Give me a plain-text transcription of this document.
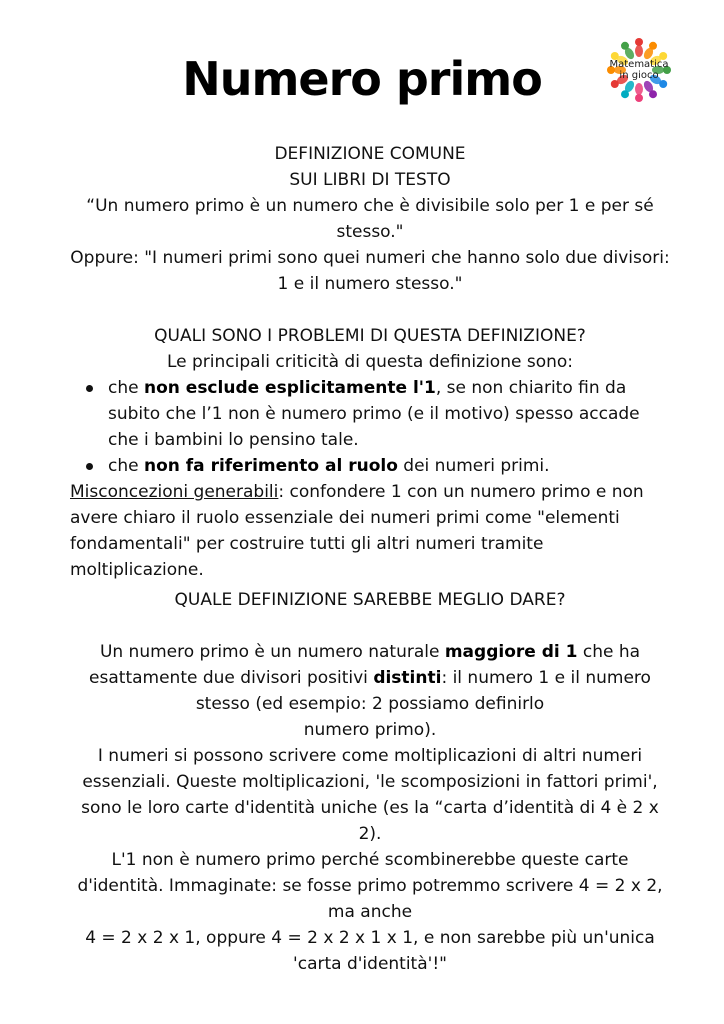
Numero primo	Matematica
in gioco

DEFINIZIONE COMUNE

SUI LIBRI DI TESTO

“Un numero primo è un numero che è divisibile solo per 1 e per sé stesso."

Oppure: "I numeri primi sono quei numeri che hanno solo due divisori: 1 e il numero stesso."

QUALI SONO I PROBLEMI DI QUESTA DEFINIZIONE?

Le principali criticità di questa definizione sono:

che non esclude esplicitamente l'1, se non chiarito fin da subito che l’1 non è numero primo (e il motivo) spesso accade che i bambini lo pensino tale.
che non fa riferimento al ruolo dei numeri primi.

Misconcezioni generabili: confondere 1 con un numero primo e non avere chiaro il ruolo essenziale dei numeri primi come "elementi fondamentali" per costruire tutti gli altri numeri tramite moltiplicazione.

QUALE DEFINIZIONE SAREBBE MEGLIO DARE?

Un numero primo è un numero naturale maggiore di 1 che ha esattamente due divisori positivi distinti: il numero 1 e il numero stesso (ed esempio: 2 possiamo definirlo

numero primo).

I numeri si possono scrivere come moltiplicazioni di altri numeri essenziali. Queste moltiplicazioni, 'le scomposizioni in fattori primi', sono le loro carte d'identità uniche (es la “carta d’identità di 4 è 2 x 2).

L'1 non è numero primo perché scombinerebbe queste carte d'identità. Immaginate: se fosse primo potremmo scrivere 4 = 2 x 2, ma anche

4 = 2 x 2 x 1, oppure 4 = 2 x 2 x 1 x 1, e non sarebbe più un'unica 'carta d'identità'!"
